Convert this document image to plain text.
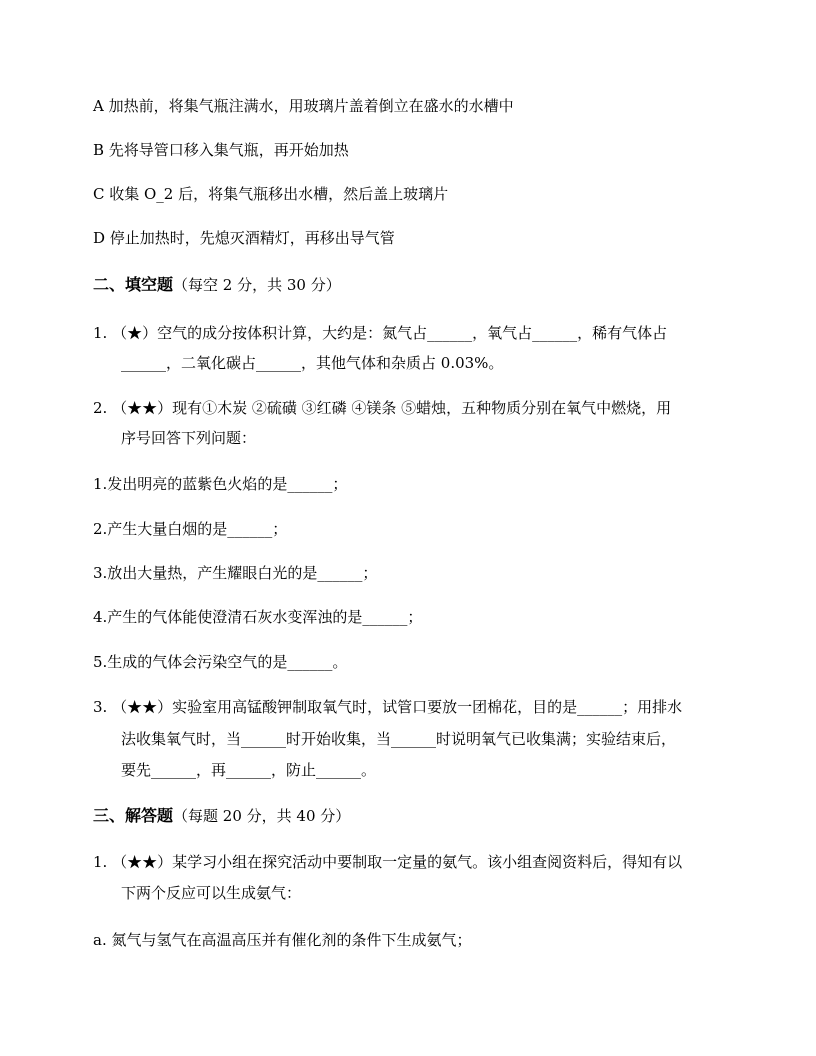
A 加热前，将集气瓶注满水，用玻璃片盖着倒立在盛水的水槽中
B 先将导管口移入集气瓶，再开始加热
C 收集 O_2 后，将集气瓶移出水槽，然后盖上玻璃片
D 停止加热时，先熄灭酒精灯，再移出导气管
二、填空题（每空 2 分，共 30 分）
1. （★）空气的成分按体积计算，大约是：氮气占______，氧气占______，稀有气体占
______，二氧化碳占______，其他气体和杂质占 0.03%。
2. （★★）现有①木炭 ②硫磺 ③红磷 ④镁条 ⑤蜡烛，五种物质分别在氧气中燃烧，用
序号回答下列问题：
1.发出明亮的蓝紫色火焰的是______；
2.产生大量白烟的是______；
3.放出大量热，产生耀眼白光的是______；
4.产生的气体能使澄清石灰水变浑浊的是______；
5.生成的气体会污染空气的是______。
3. （★★）实验室用高锰酸钾制取氧气时，试管口要放一团棉花，目的是______；用排水
法收集氧气时，当______时开始收集，当______时说明氧气已收集满；实验结束后，
要先______，再______，防止______。
三、解答题（每题 20 分，共 40 分）
1. （★★）某学习小组在探究活动中要制取一定量的氨气。该小组查阅资料后，得知有以
下两个反应可以生成氨气：
a. 氮气与氢气在高温高压并有催化剂的条件下生成氨气；
